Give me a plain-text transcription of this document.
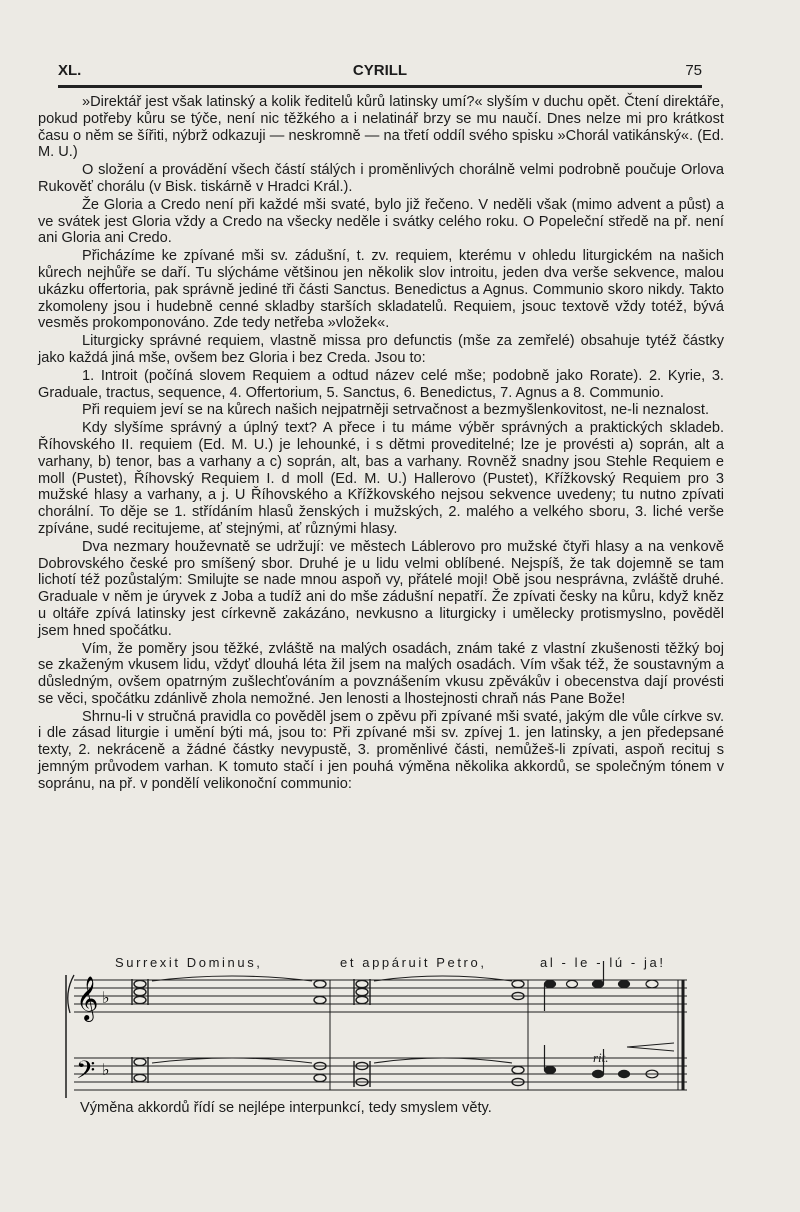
XL.	CYRILL	75

»Direktář jest však latinský a kolik ředitelů kůrů latinsky umí?« slyším v duchu opět. Čtení direktáře, pokud potřeby kůru se týče, není nic těžkého a i nelatinář brzy se mu naučí. Dnes nelze mi pro krátkost času o něm se šířiti, nýbrž odkazuji — neskromně — na třetí oddíl svého spisku »Chorál vatikánský«. (Ed. M. U.)

O složení a provádění všech částí stálých i proměnlivých chorálně velmi podrobně poučuje Orlova Rukověť chorálu (v Bisk. tiskárně v Hradci Král.).

Že Gloria a Credo není při každé mši svaté, bylo již řečeno. V neděli však (mimo advent a půst) a ve svátek jest Gloria vždy a Credo na všecky neděle i svátky celého roku. O Popeleční středě na př. není ani Gloria ani Credo.

Přicházíme ke zpívané mši sv. zádušní, t. zv. requiem, kterému v ohledu liturgickém na našich kůrech nejhůře se daří. Tu slýcháme většinou jen několik slov introitu, jeden dva verše sekvence, malou ukázku offertoria, pak správně jediné tři části Sanctus. Benedictus a Agnus. Communio skoro nikdy. Takto zkomoleny jsou i hudebně cenné skladby starších skladatelů. Requiem, jsouc textově vždy totéž, bývá vesměs prokomponováno. Zde tedy netřeba »vložek«.

Liturgicky správné requiem, vlastně missa pro defunctis (mše za zemřelé) obsahuje tytéž částky jako každá jiná mše, ovšem bez Gloria i bez Creda. Jsou to:

1. Introit (počíná slovem Requiem a odtud název celé mše; podobně jako Rorate). 2. Kyrie, 3. Graduale, tractus, sequence, 4. Offertorium, 5. Sanctus, 6. Benedictus, 7. Agnus a 8. Communio.

Při requiem jeví se na kůrech našich nejpatrněji setrvačnost a bezmyšlenkovitost, ne-li neznalost.

Kdy slyšíme správný a úplný text? A přece i tu máme výběr správných a praktických skladeb. Říhovského II. requiem (Ed. M. U.) je lehounké, i s dětmi proveditelné; lze je provésti a) soprán, alt a varhany, b) tenor, bas a varhany a c) soprán, alt, bas a varhany. Rovněž snadny jsou Stehle Requiem e moll (Pustet), Říhovský Requiem I. d moll (Ed. M. U.) Hallerovo (Pustet), Křížkovský Requiem pro 3 mužské hlasy a varhany, a j. U Říhovského a Křížkovského nejsou sekvence uvedeny; tu nutno zpívati chorální. To děje se 1. střídáním hlasů ženských i mužských, 2. malého a velkého sboru, 3. liché verše zpívánе, sudé recitujeme, ať stejnými, ať různými hlasy.

Dva nezmary houževnatě se udržují: ve městech Láblerovo pro mužské čtyři hlasy a na venkově Dobrovského české pro smíšený sbor. Druhé je u lidu velmi oblíbené. Nejspíš, že tak dojemně se tam lichotí též pozůstalým: Smilujte se nade mnou aspoň vy, přátelé moji! Obě jsou nesprávna, zvláště druhé. Graduale v něm je úryvek z Joba a tudíž ani do mše zádušní nepatří. Že zpívati česky na kůru, když kněz u oltáře zpívá latinsky jest církevně zakázáno, nevkusno a liturgicky i umělecky protismyslno, pověděl jsem hned spočátku.

Vím, že poměry jsou těžké, zvláště na malých osadách, znám také z vlastní zkušenosti těžký boj se zkaženým vkusem lidu, vždyť dlouhá léta žil jsem na malých osadách. Vím však též, že soustavným a důsledným, ovšem opatrným zušlechťováním a povznášením vkusu zpěvákův i obecenstva dají provésti se věci, spočátku zdánlivě zhola nemožné. Jen lenosti a lhostejnosti chraň nás Pane Bože!

Shrnu-li v stručná pravidla co pověděl jsem o zpěvu při zpívané mši svaté, jakým dle vůle církve sv. i dle zásad liturgie i umění býti má, jsou to: Při zpívané mši sv. zpívej 1. jen latinsky, a jen předepsané texty, 2. nekráceně a žádné částky nevypustě, 3. proměnlivé části, nemůžeš-li zpívati, aspoň recituj s jemným průvodem varhan. K tomuto stačí i jen pouhá výměna několika akkordů, se společným tónem v sopránu, na př. v pondělí velikonoční communio:

Surrexit Dominus,	et appáruit Petro,	al - le - lú - ja!
𝄞
𝄢
♭
♭
rit.
Výměna akkordů řídí se nejlépe interpunkcí, tedy smyslem věty.
